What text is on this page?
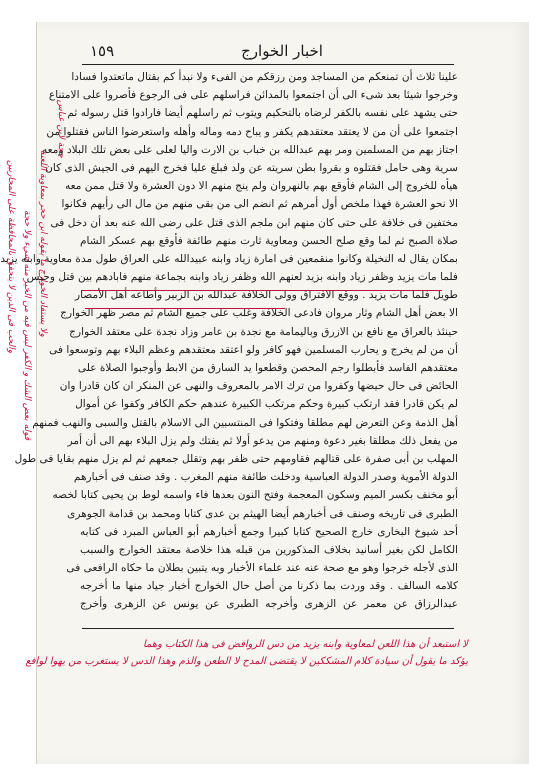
١٥٩	اخبار الخوارج
علينا ثلاث أن تمنعكم من المساجد ومن رزقكم من الفىء ولا نبدأ كم بقتال ماتعتدوا فسادا
وخرجوا شيئا بعد شىء الى أن اجتمعوا بالمدائن فراسلهم على فى الرجوع فأصروا على الامتناع
حتى يشهد على نفسه بالكفر لرضاه بالتحكيم ويتوب ثم راسلهم أيضا فارادوا قتل رسوله ثم
اجتمعوا على أن من لا يعتقد معتقدهم يكفر و يباح دمه وماله وأهله واستعرضوا الناس فقتلوا من
اجتاز بهم من المسلمين ومر بهم عبدالله بن خباب بن الارت واليا لعلى على بعض تلك البلاد ومعه
سرية وهى حامل فقتلوه و بقروا بطن سريته عن ولد فبلغ عليا فخرج اليهم فى الجيش الذى كان
هيأه للخروج إلى الشام فأوقع بهم بالنهروان ولم ينج منهم الا دون العشرة ولا قتل ممن معه
الا نحو العشرة فهذا ملخص أول أمرهم ثم انضم الى من بقى منهم من مال الى رأيهم فكانوا
مختفين فى خلافة على حتى كان منهم ابن ملجم الذى قتل على رضى الله عنه بعد أن دخل فى
صلاة الصبح ثم لما وقع صلح الحسن ومعاوية ثارت منهم طائفة فأوقع بهم عسكر الشام
بمكان يقال له النخيلة وكانوا منقمعين فى امارة زياد وابنه عبيدالله على العراق طول مدة معاوية وابنه يزيد
فلما مات يزيد وظفر زياد وابنه بزيد لعنهم الله وظفر زياد وابنه بجماعة منهم فابادهم بين قتل وحبس
طويل فلما مات يزيد . ووقع الافتراق وولى الخلافة عبدالله بن الزبير وأطاعه أهل الأمصار
الا بعض أهل الشام وثار مروان فادعى الخلافة وغلب على جميع الشام ثم مصر ظهر الخوارج
حينئذ بالعراق مع نافع بن الازرق وباليمامة مع نجدة بن عامر وزاد نجدة على معتقد الخوارج
أن من لم يخرج و يحارب المسلمين فهو كافر ولو اعتقد معتقدهم وعظم البلاء بهم وتوسعوا فى
معتقدهم الفاسد فأبطلوا رجم المحصن وقطعوا يد السارق من الابط وأوجبوا الصلاة على
الحائض فى حال حيضها وكفروا من ترك الامر بالمعروف والنهى عن المنكر ان كان قادرا وان
لم يكن قادرا فقد ارتكب كبيرة وحكم مرتكب الكبيرة عندهم حكم الكافر وكفوا عن أموال
أهل الذمة وعن التعرض لهم مطلقا وفتكوا فى المنتسبين الى الاسلام بالقتل والسبى والنهب فمنهم
من يفعل ذلك مطلقا بغير دعوة ومنهم من يدعو أولا ثم يفتك ولم يزل البلاء بهم الى أن أمر
المهلب بن أبى صفرة على قتالهم فقاومهم حتى ظفر بهم وتقلل جمعهم ثم لم يزل منهم بقايا فى طول
الدولة الأموية وصدر الدولة العباسية ودخلت طائفة منهم المغرب . وقد صنف فى أخبارهم
أبو مخنف بكسر الميم وسكون المعجمة وفتح النون بعدها فاء واسمه لوط بن يحيى كتابا لخصه
الطبرى فى تاريخه وصنف فى أخبارهم أيضا الهيثم بن عدى كتابا ومحمد بن قدامة الجوهرى
أحد شيوخ البخارى خارج الصحيح كتابا كبيرا وجمع أخبارهم أبو العباس المبرد فى كتابه
الكامل لكن بغير أسانيد بخلاف المذكورين من قبله هذا خلاصة معتقد الخوارج والسبب
الذى لأجله خرجوا وهو مع صحة عنه عند علماء الأخبار وبه يتبين بطلان ما حكاه الرافعى فى
كلامه السالف . وقد وردت بما ذكرنا من أصل حال الخوارج أخبار جياد منها ما أخرجه
عبدالرزاق عن معمر عن الزهرى وأخرجه الطبرى عن يونس عن الزهرى وأخرج
لا استبعد أن هذا اللعن لمعاوية وابنه يزيد من دس الروافض فى هذا الكتاب وهما
يؤكد ما يقول أن سيادة كلام المشككين لا يقتضى المدح لا الطعن والذم وهذا الدس لا يستغرب من يهوا لوافع
ولا يستفاد الخوارج ما يقوله ابن حجر بمعاوية اللعنة
قوله بعض الشك و الكفر ليس فيه من الخير منه شيء ولا حجة
والحب فى الدين لا يتحقق بالمحافظة على المحاربين
حجة لابن عباس
